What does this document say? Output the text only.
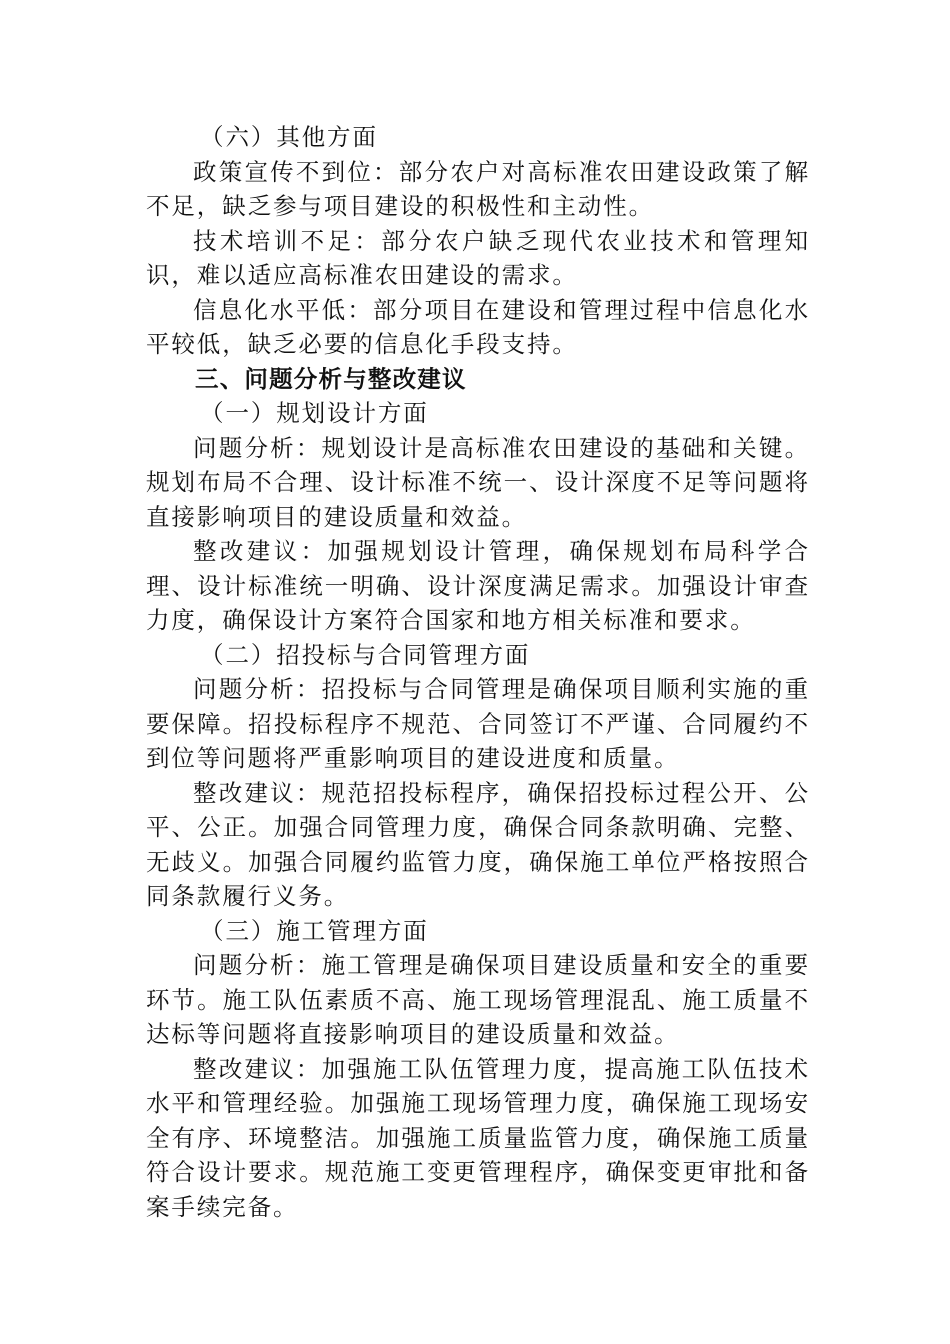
（六）其他方面

政策宣传不到位：部分农户对高标准农田建设政策了解不足，缺乏参与项目建设的积极性和主动性。

技术培训不足：部分农户缺乏现代农业技术和管理知识，难以适应高标准农田建设的需求。

信息化水平低：部分项目在建设和管理过程中信息化水平较低，缺乏必要的信息化手段支持。

三、问题分析与整改建议

（一）规划设计方面

问题分析：规划设计是高标准农田建设的基础和关键。规划布局不合理、设计标准不统一、设计深度不足等问题将直接影响项目的建设质量和效益。

整改建议：加强规划设计管理，确保规划布局科学合理、设计标准统一明确、设计深度满足需求。加强设计审查力度，确保设计方案符合国家和地方相关标准和要求。

（二）招投标与合同管理方面

问题分析：招投标与合同管理是确保项目顺利实施的重要保障。招投标程序不规范、合同签订不严谨、合同履约不到位等问题将严重影响项目的建设进度和质量。

整改建议：规范招投标程序，确保招投标过程公开、公平、公正。加强合同管理力度，确保合同条款明确、完整、无歧义。加强合同履约监管力度，确保施工单位严格按照合同条款履行义务。

（三）施工管理方面

问题分析：施工管理是确保项目建设质量和安全的重要环节。施工队伍素质不高、施工现场管理混乱、施工质量不达标等问题将直接影响项目的建设质量和效益。

整改建议：加强施工队伍管理力度，提高施工队伍技术水平和管理经验。加强施工现场管理力度，确保施工现场安全有序、环境整洁。加强施工质量监管力度，确保施工质量符合设计要求。规范施工变更管理程序，确保变更审批和备案手续完备。
